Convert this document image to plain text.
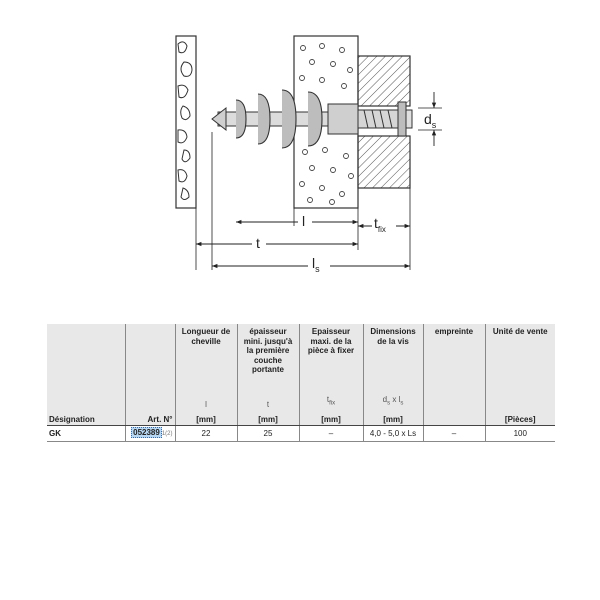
$d_s$
l	$t_{fix}$
t
$l_s$
		Longueur de cheville	épaisseur mini. jusqu'à la première couche portante	Epaisseur maxi. de la pièce à fixer	Dimensions de la vis	empreinte	Unité de vente
		l	t	$t_{fix}$	$d_s$ x $l_s$		
Désignation	Art. N°	[mm]	[mm]	[mm]	[mm]		[Pièces]
GK	052389 1(2)	22	25	–	4,0 - 5,0 x Ls	–	100
